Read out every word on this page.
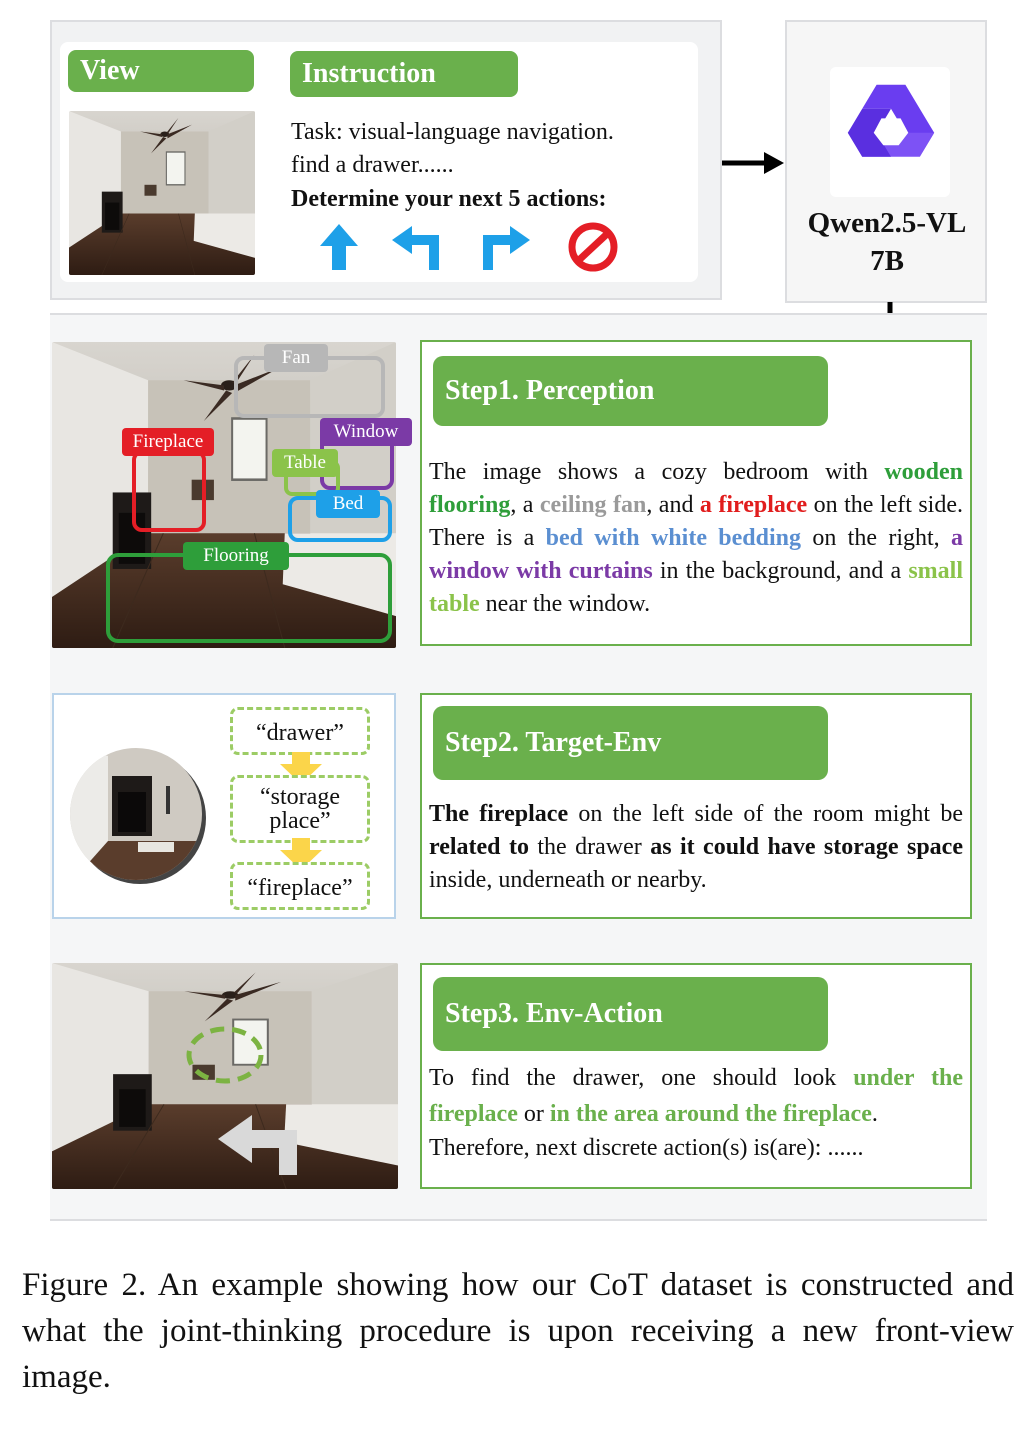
View	Instruction
Task: visual-language navigation.
find a drawer......
Determine your next 5 actions:
Qwen2.5-VL
7B
Fan
Fireplace	Window
Table
Bed
Flooring
Step1. Perception
The image shows a cozy bedroom with wooden flooring, a ceiling fan, and a fireplace on the left side. There is a bed with white bedding on the right, a window with curtains in the background, and a small table near the window.
“drawer”
“storage place”
“fireplace”
Step2. Target-Env
The fireplace on the left side of the room might be related to the drawer as it could have storage space inside, underneath or nearby.
Step3. Env-Action
To find the drawer, one should look under the fireplace or in the area around the fireplace.
Therefore, next discrete action(s) is(are): ......
Figure 2. An example showing how our CoT dataset is constructed and what the joint-thinking procedure is upon receiving a new front-view image.
